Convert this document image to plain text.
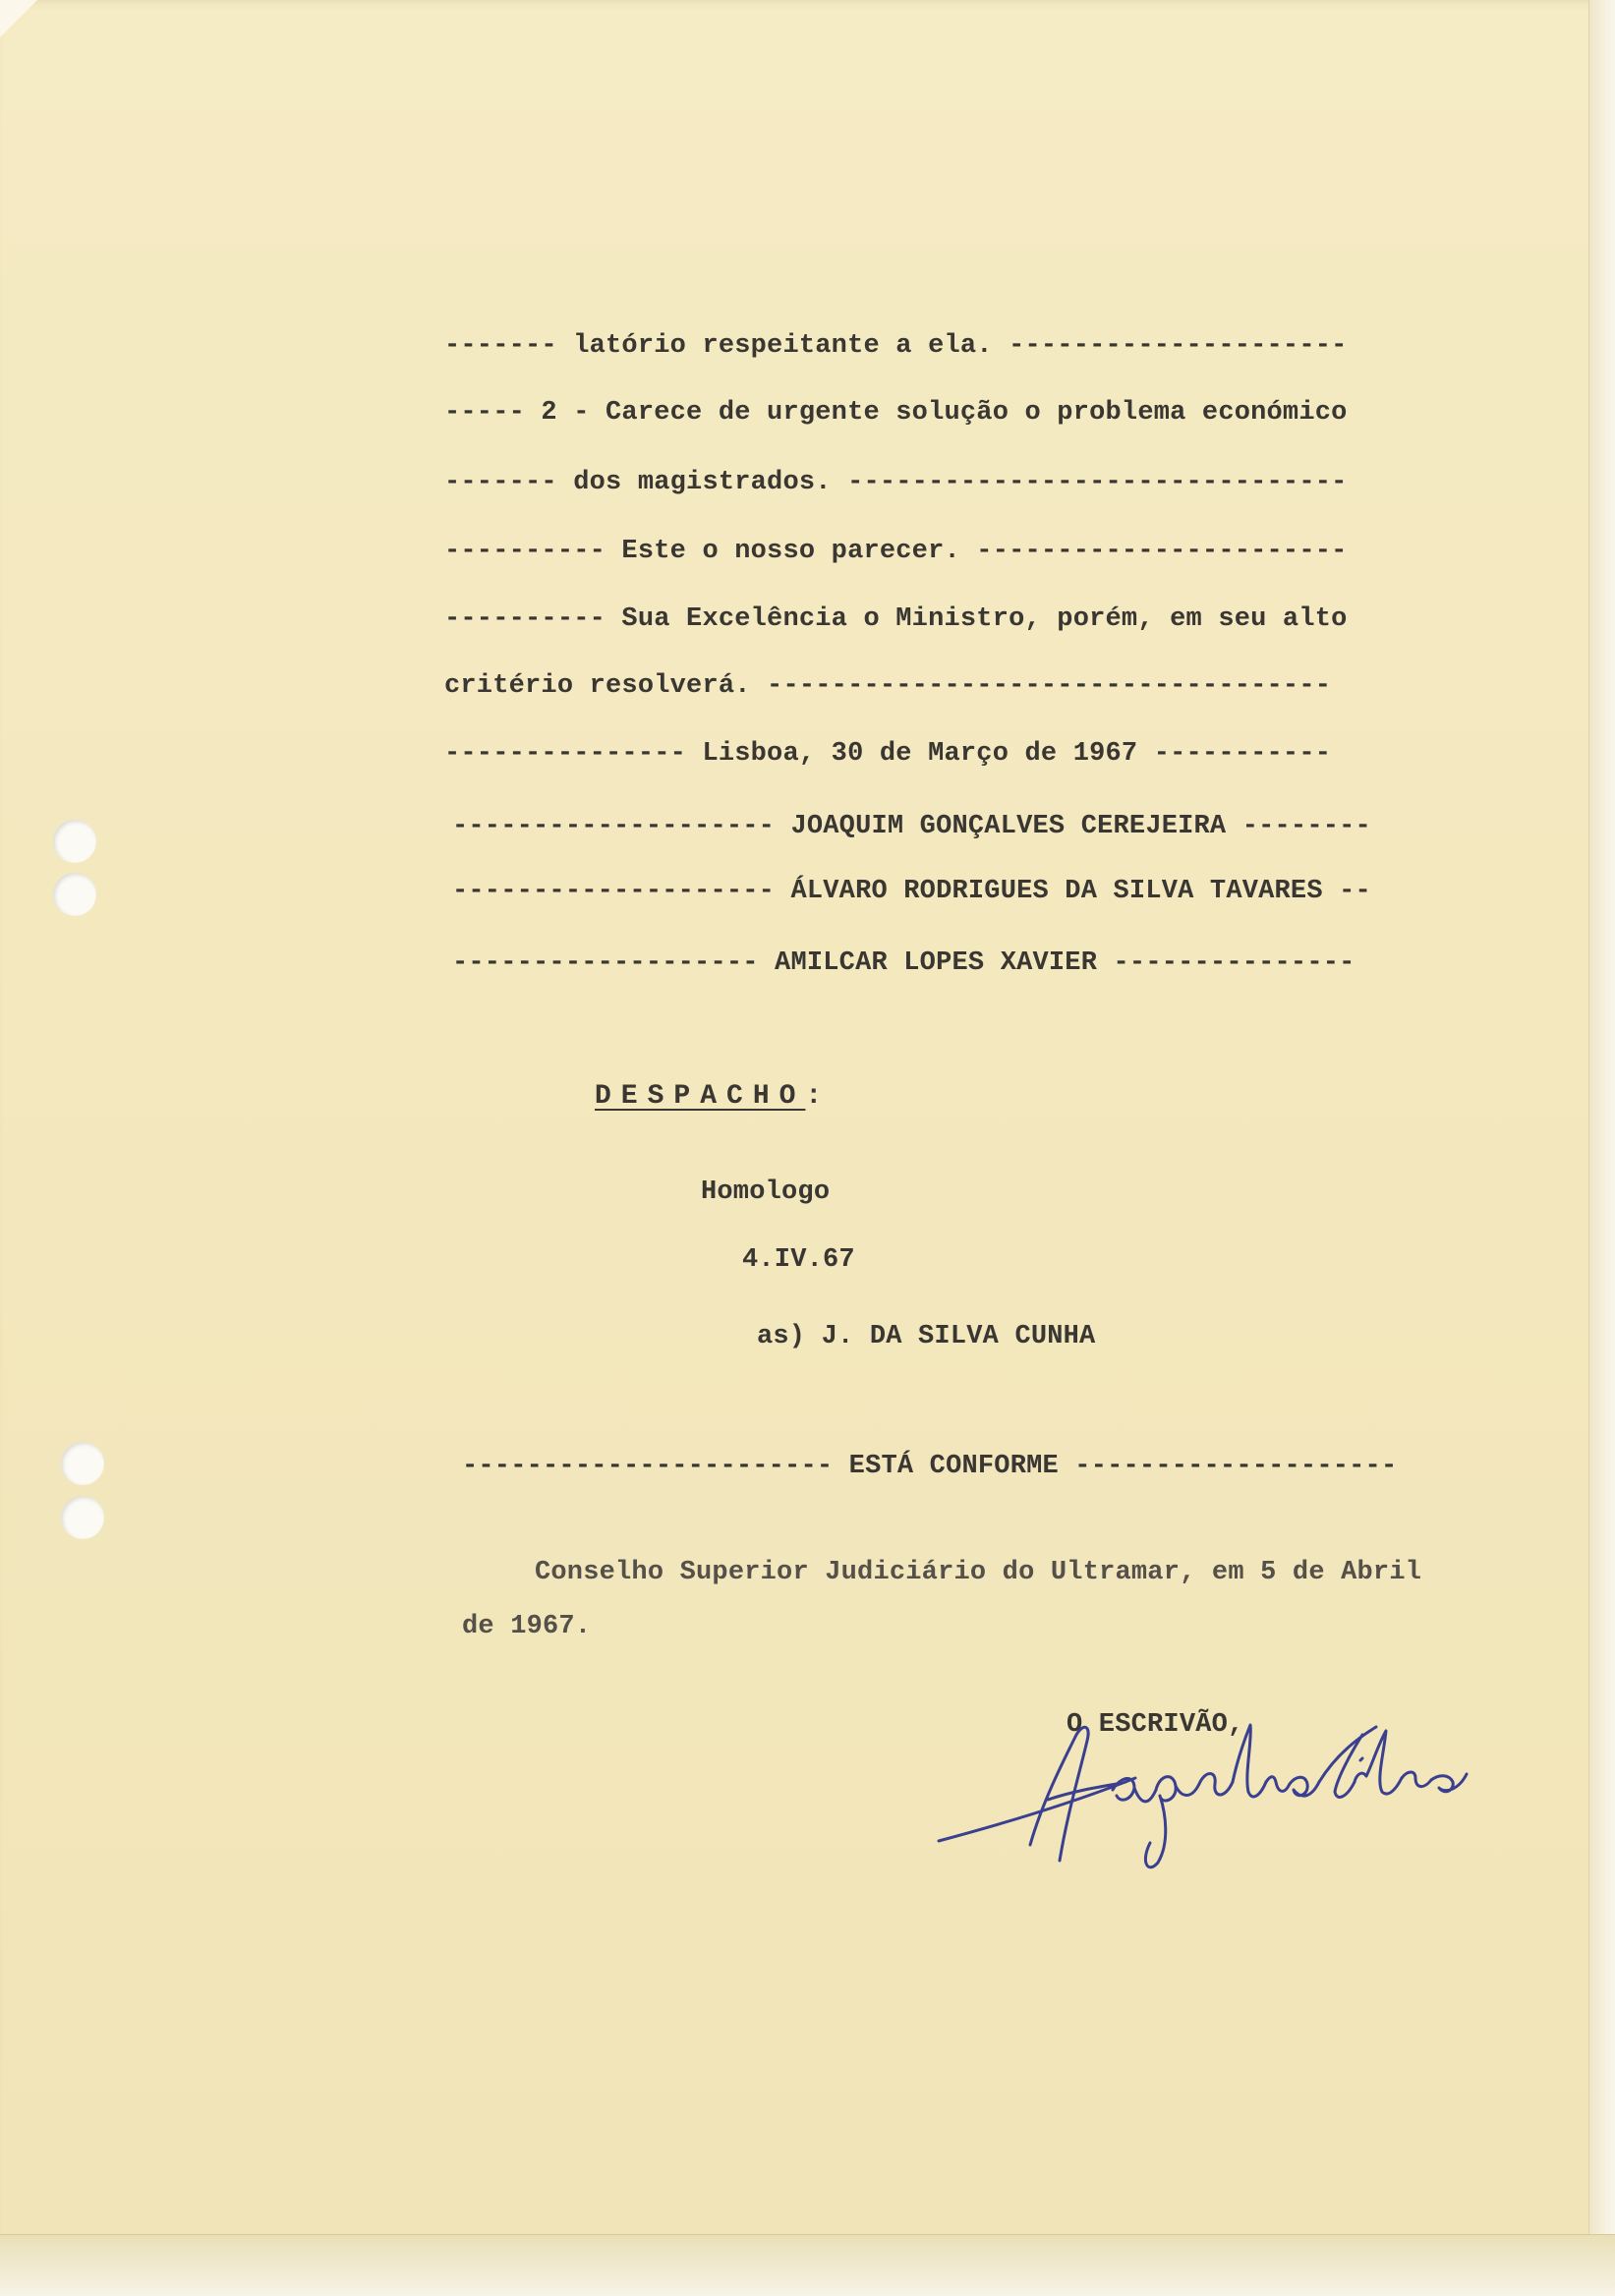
------- latório respeitante a ela. ---------------------
----- 2 - Carece de urgente solução o problema económico
------- dos magistrados. -------------------------------
---------- Este o nosso parecer. -----------------------
---------- Sua Excelência o Ministro, porém, em seu alto
critério resolverá. -----------------------------------
--------------- Lisboa, 30 de Março de 1967 -----------
-------------------- JOAQUIM GONÇALVES CEREJEIRA --------
-------------------- ÁLVARO RODRIGUES DA SILVA TAVARES --
------------------- AMILCAR LOPES XAVIER ---------------
DESPACHO:
Homologo
4.IV.67
as) J. DA SILVA CUNHA
----------------------- ESTÁ CONFORME --------------------
Conselho Superior Judiciário do Ultramar, em 5 de Abril
de 1967.
O ESCRIVÃO,
